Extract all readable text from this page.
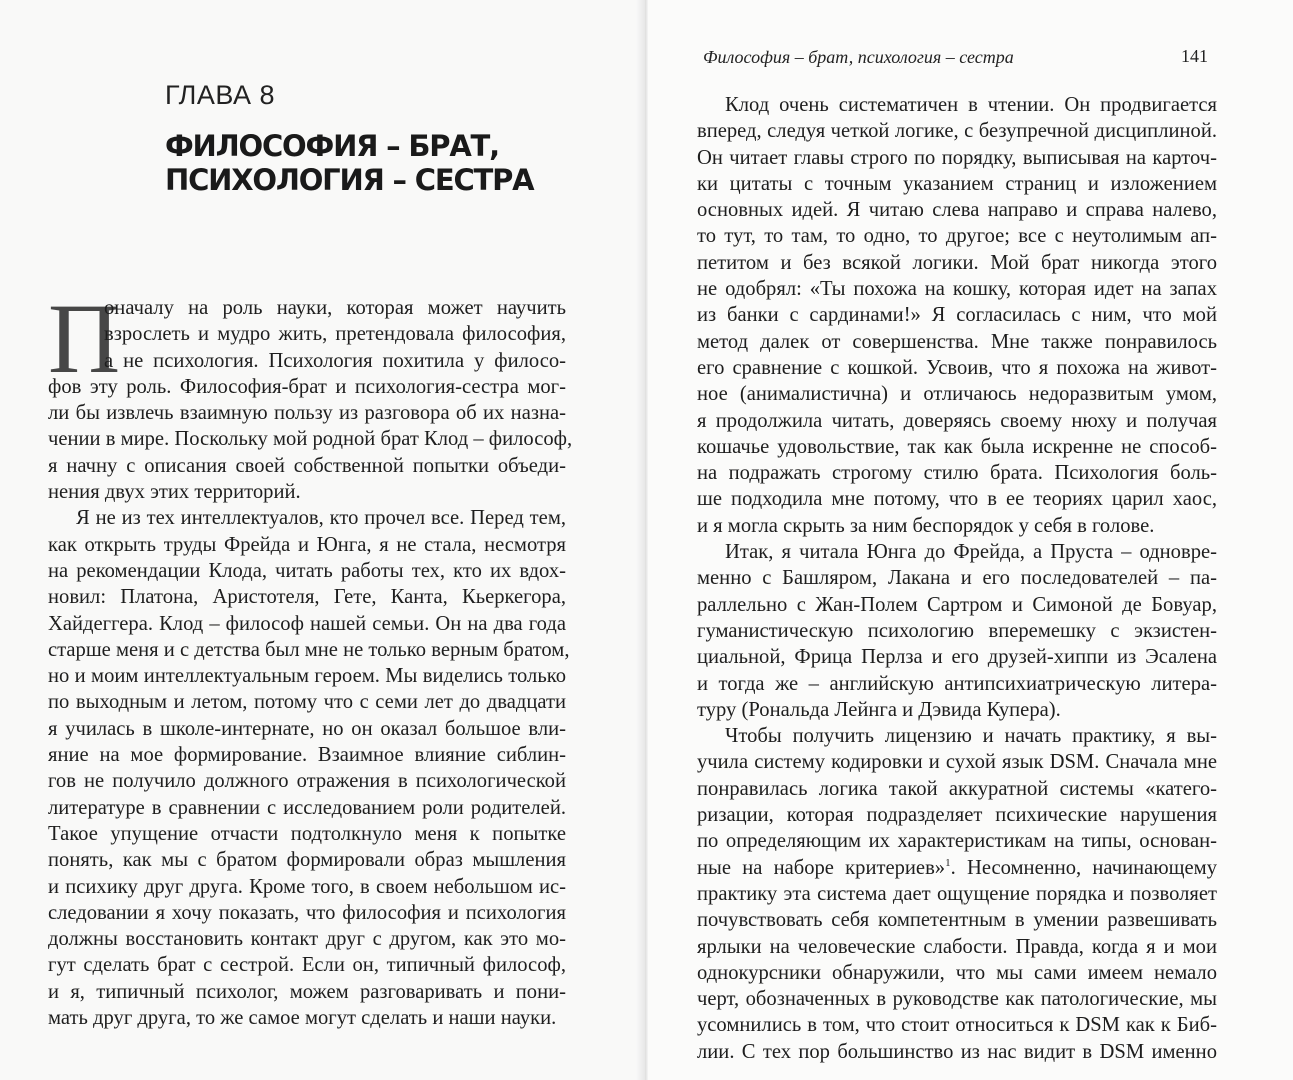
ГЛАВА 8
ФИЛОСОФИЯ – БРАТ,
ПСИХОЛОГИЯ – СЕСТРА
П
оначалу на роль науки, которая может научить
взрослеть и мудро жить, претендовала философия,
а не психология. Психология похитила у филосо-
фов эту роль. Философия-брат и психология-сестра мог-
ли бы извлечь взаимную пользу из разговора об их назна-
чении в мире. Поскольку мой родной брат Клод – философ,
я начну с описания своей собственной попытки объеди-
нения двух этих территорий.
Я не из тех интеллектуалов, кто прочел все. Перед тем,
как открыть труды Фрейда и Юнга, я не стала, несмотря
на рекомендации Клода, читать работы тех, кто их вдох-
новил: Платона, Аристотеля, Гете, Канта, Кьеркегора,
Хайдеггера. Клод – философ нашей семьи. Он на два года
старше меня и с детства был мне не только верным братом,
но и моим интеллектуальным героем. Мы виделись только
по выходным и летом, потому что с семи лет до двадцати
я училась в школе-интернате, но он оказал большое вли-
яние на мое формирование. Взаимное влияние сиблин-
гов не получило должного отражения в психологической
литературе в сравнении с исследованием роли родителей.
Такое упущение отчасти подтолкнуло меня к попытке
понять, как мы с братом формировали образ мышления
и психику друг друга. Кроме того, в своем небольшом ис-
следовании я хочу показать, что философия и психология
должны восстановить контакт друг с другом, как это мо-
гут сделать брат с сестрой. Если он, типичный философ,
и я, типичный психолог, можем разговаривать и пони-
мать друг друга, то же самое могут сделать и наши науки.
Философия – брат, психология – сестра	141
Клод очень систематичен в чтении. Он продвигается
вперед, следуя четкой логике, с безупречной дисциплиной.
Он читает главы строго по порядку, выписывая на карточ-
ки цитаты с точным указанием страниц и изложением
основных идей. Я читаю слева направо и справа налево,
то тут, то там, то одно, то другое; все с неутолимым ап-
петитом и без всякой логики. Мой брат никогда этого
не одобрял: «Ты похожа на кошку, которая идет на запах
из банки с сардинами!» Я согласилась с ним, что мой
метод далек от совершенства. Мне также понравилось
его сравнение с кошкой. Усвоив, что я похожа на живот-
ное (анималистична) и отличаюсь недоразвитым умом,
я продолжила читать, доверяясь своему нюху и получая
кошачье удовольствие, так как была искренне не способ-
на подражать строгому стилю брата. Психология боль-
ше подходила мне потому, что в ее теориях царил хаос,
и я могла скрыть за ним беспорядок у себя в голове.
Итак, я читала Юнга до Фрейда, а Пруста – одновре-
менно с Башляром, Лакана и его последователей – па-
раллельно с Жан-Полем Сартром и Симоной де Бовуар,
гуманистическую психологию вперемешку с экзистен-
циальной, Фрица Перлза и его друзей-хиппи из Эсалена
и тогда же – английскую антипсихиатрическую литера-
туру (Рональда Лейнга и Дэвида Купера).
Чтобы получить лицензию и начать практику, я вы-
учила систему кодировки и сухой язык DSM. Сначала мне
понравилась логика такой аккуратной системы «катего-
ризации, которая подразделяет психические нарушения
по определяющим их характеристикам на типы, основан-
ные на наборе критериев»$^1$. Несомненно, начинающему
практику эта система дает ощущение порядка и позволяет
почувствовать себя компетентным в умении развешивать
ярлыки на человеческие слабости. Правда, когда я и мои
однокурсники обнаружили, что мы сами имеем немало
черт, обозначенных в руководстве как патологические, мы
усомнились в том, что стоит относиться к DSM как к Биб-
лии. С тех пор большинство из нас видит в DSM именно
